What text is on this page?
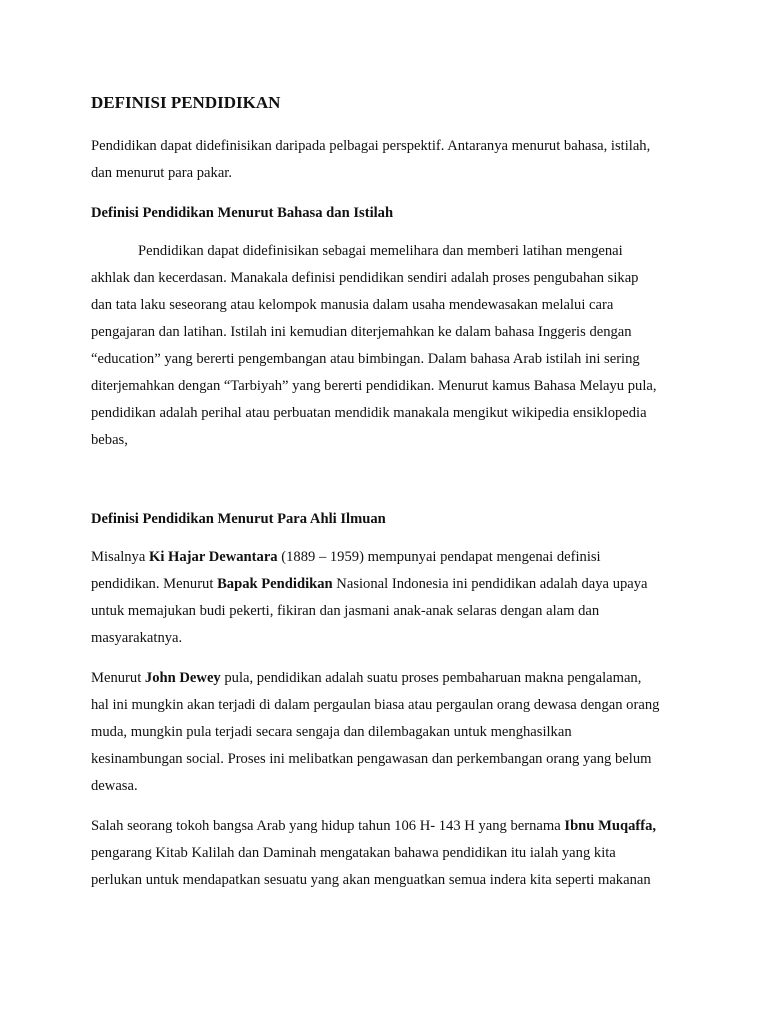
DEFINISI PENDIDIKAN

Pendidikan dapat didefinisikan daripada pelbagai perspektif. Antaranya menurut bahasa, istilah,
dan menurut para pakar.

Definisi Pendidikan Menurut Bahasa dan Istilah

Pendidikan dapat didefinisikan sebagai memelihara dan memberi latihan mengenai
akhlak dan kecerdasan. Manakala definisi pendidikan sendiri adalah proses pengubahan sikap
dan tata laku seseorang atau kelompok manusia dalam usaha mendewasakan melalui cara
pengajaran dan latihan. Istilah ini kemudian diterjemahkan ke dalam bahasa Inggeris dengan
“education” yang bererti pengembangan atau bimbingan. Dalam bahasa Arab istilah ini sering
diterjemahkan dengan “Tarbiyah” yang bererti pendidikan. Menurut kamus Bahasa Melayu pula,
pendidikan adalah perihal atau perbuatan mendidik manakala mengikut wikipedia ensiklopedia
bebas,

Definisi Pendidikan Menurut Para Ahli Ilmuan

Misalnya Ki Hajar Dewantara (1889 – 1959) mempunyai pendapat mengenai definisi
pendidikan. Menurut Bapak Pendidikan Nasional Indonesia ini pendidikan adalah daya upaya
untuk memajukan budi pekerti, fikiran dan jasmani anak-anak selaras dengan alam dan
masyarakatnya.

Menurut John Dewey pula, pendidikan adalah suatu proses pembaharuan makna pengalaman,
hal ini mungkin akan terjadi di dalam pergaulan biasa atau pergaulan orang dewasa dengan orang
muda, mungkin pula terjadi secara sengaja dan dilembagakan untuk menghasilkan
kesinambungan social. Proses ini melibatkan pengawasan dan perkembangan orang yang belum
dewasa.

Salah seorang tokoh bangsa Arab yang hidup tahun 106 H- 143 H yang bernama Ibnu Muqaffa,
pengarang Kitab Kalilah dan Daminah mengatakan bahawa pendidikan itu ialah yang kita
perlukan untuk mendapatkan sesuatu yang akan menguatkan semua indera kita seperti makanan
